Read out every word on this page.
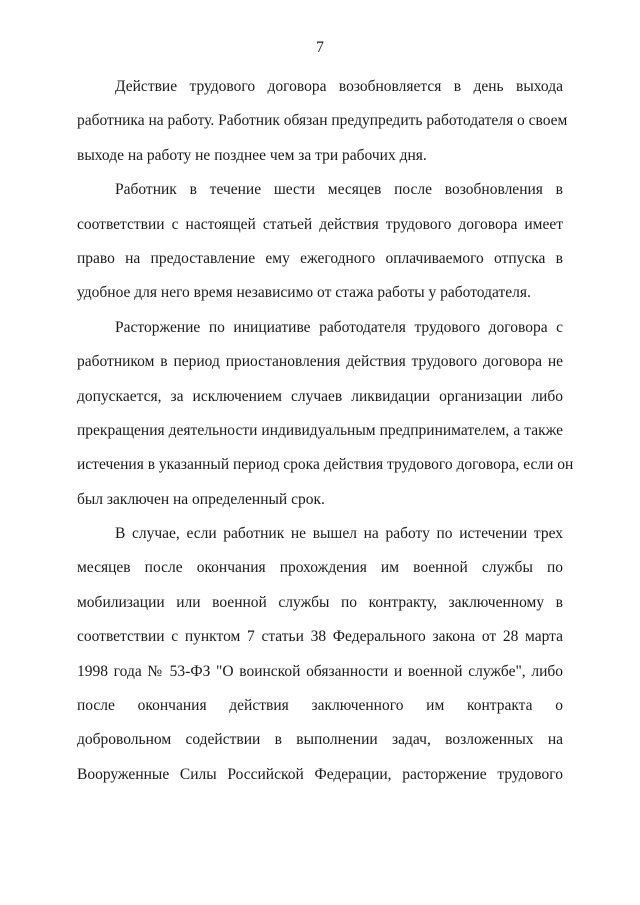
7
Действие трудового договора возобновляется в день выхода
работника на работу. Работник обязан предупредить работодателя о своем
выходе на работу не позднее чем за три рабочих дня.
Работник в течение шести месяцев после возобновления в
соответствии с настоящей статьей действия трудового договора имеет
право на предоставление ему ежегодного оплачиваемого отпуска в
удобное для него время независимо от стажа работы у работодателя.
Расторжение по инициативе работодателя трудового договора с
работником в период приостановления действия трудового договора не
допускается, за исключением случаев ликвидации организации либо
прекращения деятельности индивидуальным предпринимателем, а также
истечения в указанный период срока действия трудового договора, если он
был заключен на определенный срок.
В случае, если работник не вышел на работу по истечении трех
месяцев после окончания прохождения им военной службы по
мобилизации или военной службы по контракту, заключенному в
соответствии с пунктом 7 статьи 38 Федерального закона от 28 марта
1998 года № 53-ФЗ "О воинской обязанности и военной службе", либо
после окончания действия заключенного им контракта о
добровольном содействии в выполнении задач, возложенных на
Вооруженные Силы Российской Федерации, расторжение трудового
